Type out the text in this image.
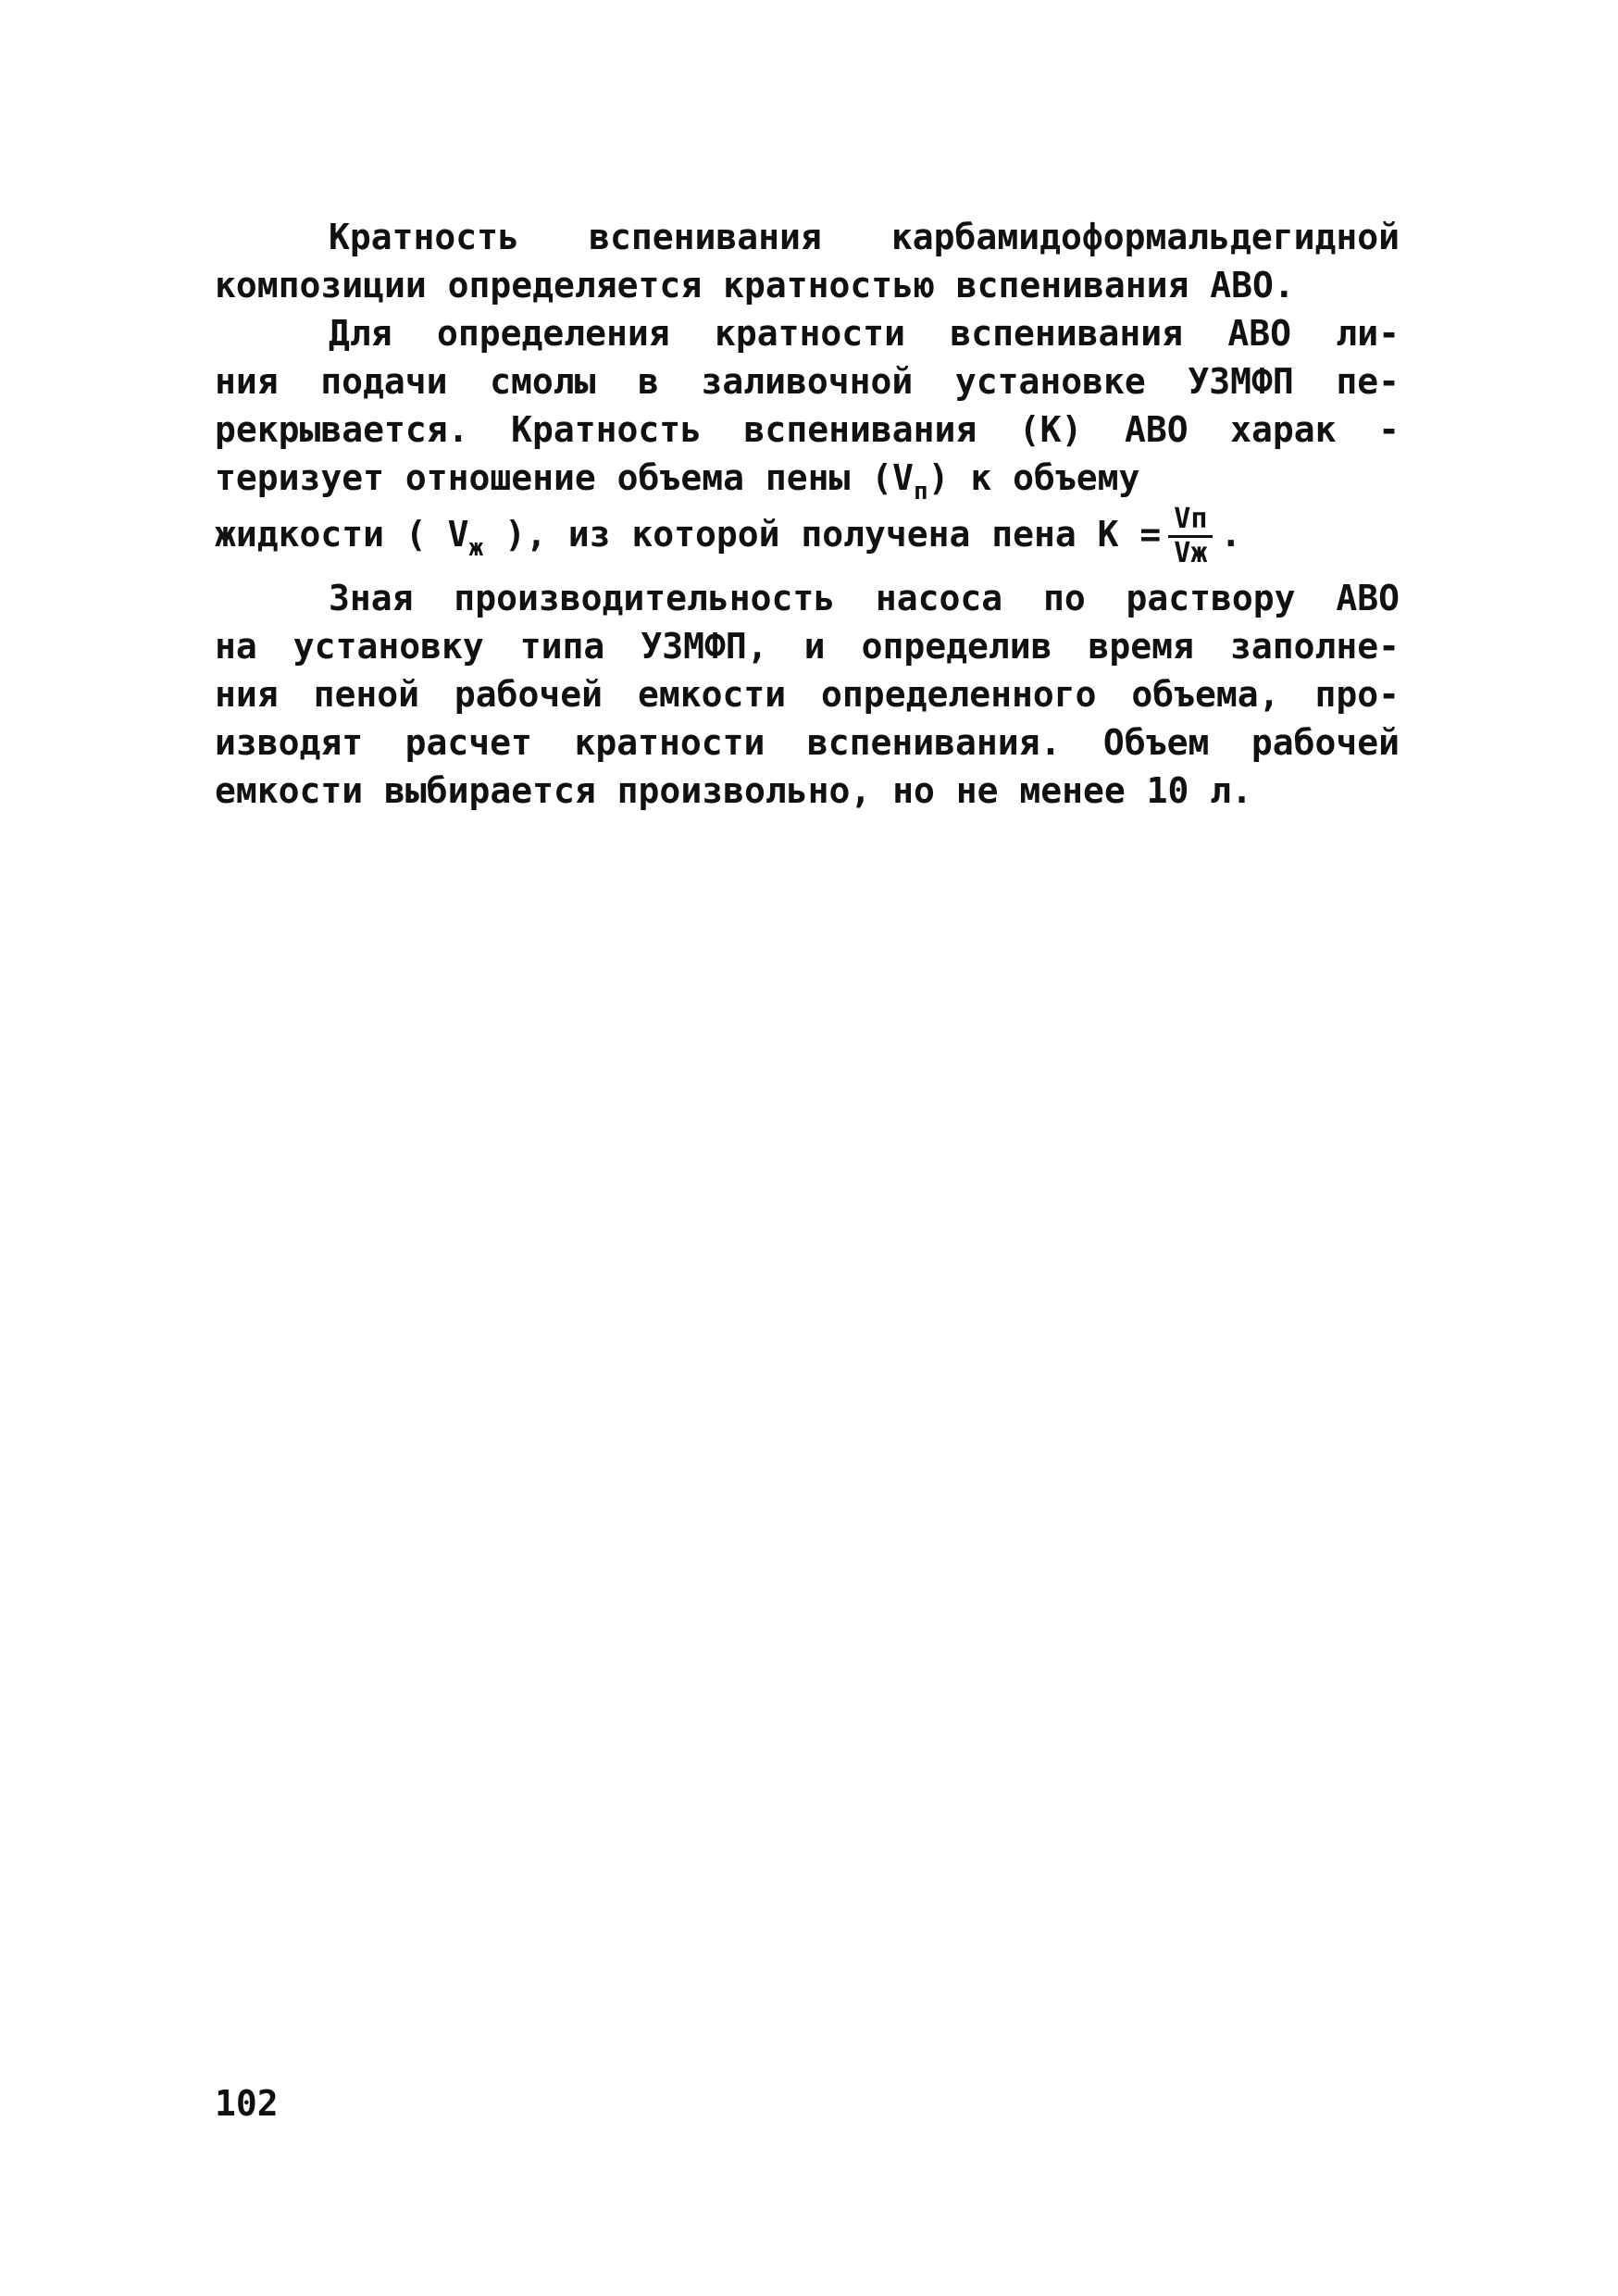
Кратность вспенивания карбамидоформальдегидной
композиции определяется кратностью вспенивания АВО.
Для определения кратности вспенивания АВО ли-
ния подачи смолы в заливочной установке УЗМФП пе-
рекрывается. Кратность вспенивания (К) АВО харак -
теризует отношение объема пены $(V_п)$ к объему
жидкости ( $V_ж$ ), из которой получена пена $K = \frac{Vп}{Vж}$ .
Зная производительность насоса по раствору АВО
на установку типа УЗМФП, и определив время заполне-
ния пеной рабочей емкости определенного объема, про-
изводят расчет кратности вспенивания. Объем рабочей
емкости выбирается произвольно, но не менее 10 л.
102
